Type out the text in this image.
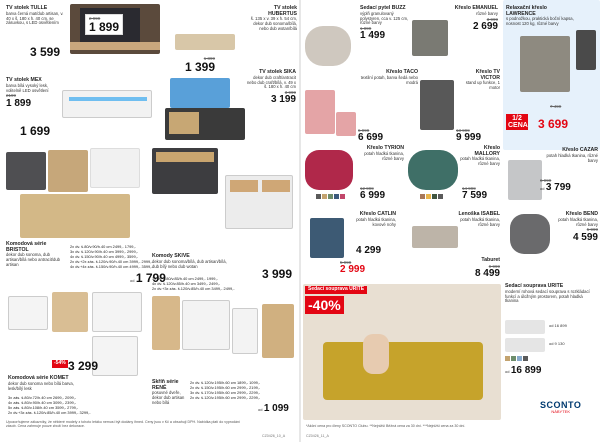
TV stolek TULLE
barva černá mat/dub artisan, v. 40 x š. 180 x h. 40 cm, se zásuvkou, s LED osvětlením
2 999
1 899
3 599
TV stolek HUBERTUS
š. 135 x v. 39 x h. 54 cm, dekor dub sonoma/bílá, nebo dub wotan/bílá
1 899
1 399
TV stolek MEX
barva bílá vysoký lesk, volitelně LED osvětlení
2199
1 899
1 699
TV stolek SIKA
dekor dub craft/antracit nebo dub craft/bílá, v. 49 x š. 180 x h. 40 cm
3 999
3 199
Komodová série BRISTOL
dekor dub sonoma, dub artisan/bílá nebo antracit/dub artisan
2x dv. š.80/v.90/h.40 cm 2499,- 1799,-
3x dv. š.120/v.90/h.40 cm 3999,- 2999,-
4x dv. š.150/v.90/h.40 cm 4999,- 3599,-
2x dv.+2x zás. š.120/v.90/h.40 cm 3999,- 2999,-
4x dv.+4x zás. š.150/v.90/h.40 cm 4999,- 3599,-
od 1 799
Komody SKIVE
dekor dub sonoma/bílá, dub artisan/bílá, dub bílý nebo dub wotan
3x dv. š.80/v.85/h.40 cm 2499,- 1999,-
4x dv. š.120/v.85/h.40 cm 3499,- 2499,-
2x dv.+3x zás. š.120/v.85/h.40 cm 3499,- 2499,-
3 999
Komodová série KOMET
dekor dub sonoma nebo bílá barva, lesk/bílý lesk
3x zás. š.80/v.72/h.40 cm 2699,- 2099,-
4x zás. š.80/v.90/h.40 cm 3099,- 2399,-
5x zás. š.80/v.108/h.40 cm 3599,- 2799,-
2x dv.+3x zás. š.120/v.85/h.40 cm 3999,- 3299,-
-54% 3 299
Skříň série RENÉ
posuvné dveře, dekor dub artisan nebo bílá
2x dv. š.120/v.195/h.60 cm 1899,- 1099,-
2x dv. š.150/v.195/h.60 cm 2999,- 2199,-
3x dv. š.170/v.195/h.60 cm 2999,- 2299,-
2x dv. š.120/v.195/h.60 cm 2999,- 2299,-
od 1 099
Upozorňujeme zákazníky, že některé modely z tohoto letáku nemusí být dodány ihned. Ceny jsou v Kč a obsahují DPH. Nabídka platí do vyprodání zásob. Cena zahrnuje pouze zboží bez dekorace.
CZ0426_10_A
Sedací pytel BUZZ
výplň granulovaný polystyren, cca v. 125 cm, různé barvy
1 899
1 499
Křeslo EMANUEL
různé barvy
3 999
2 699
Relaxační křeslo LAWRENCE
s podnožkou, praktická boční kapsa, nosnost 120 kg, různé barvy
7 499
1/2 CENA 3 699
Křeslo TACO
textilní potah, barva šedá nebo modrá
6 999
6 699
Křeslo TV VICTOR
stand up funkce, 1 motor
13 999
9 999
Křeslo TYRION
potah hladká tkanina, různé barvy
12 999
6 999
Křeslo MALLORY
potah hladká tkanina, různé barvy
14 999
7 599
Křeslo CAZAR
potah hladká tkanina, různé barvy
6 999
od 3 799
Křeslo CATLIN
potah hladká tkanina, kovové nohy
4 299
Lenoška ISABEL
potah hladká tkanina, různé barvy
5 999
2 999
Křeslo BEND
potah hladká tkanina, různé barvy
5 999
4 599
Taburet
9 999
8 499
Sedací souprava URITE
-40%
Sedací souprava URITE
moderní rohová sedací souprava s rozkládací funkcí a úložným prostorem, potah hladká tkanina
od 16 899
od 9 130
od 16 899
SCONTO
NÁBYTEK
*Akční cena pro členy SCONTO Clubu. **Nejnižší Běžná cena za 30 dní. ***Nejnižší cena za 30 dní.
CZ0426_11_A
